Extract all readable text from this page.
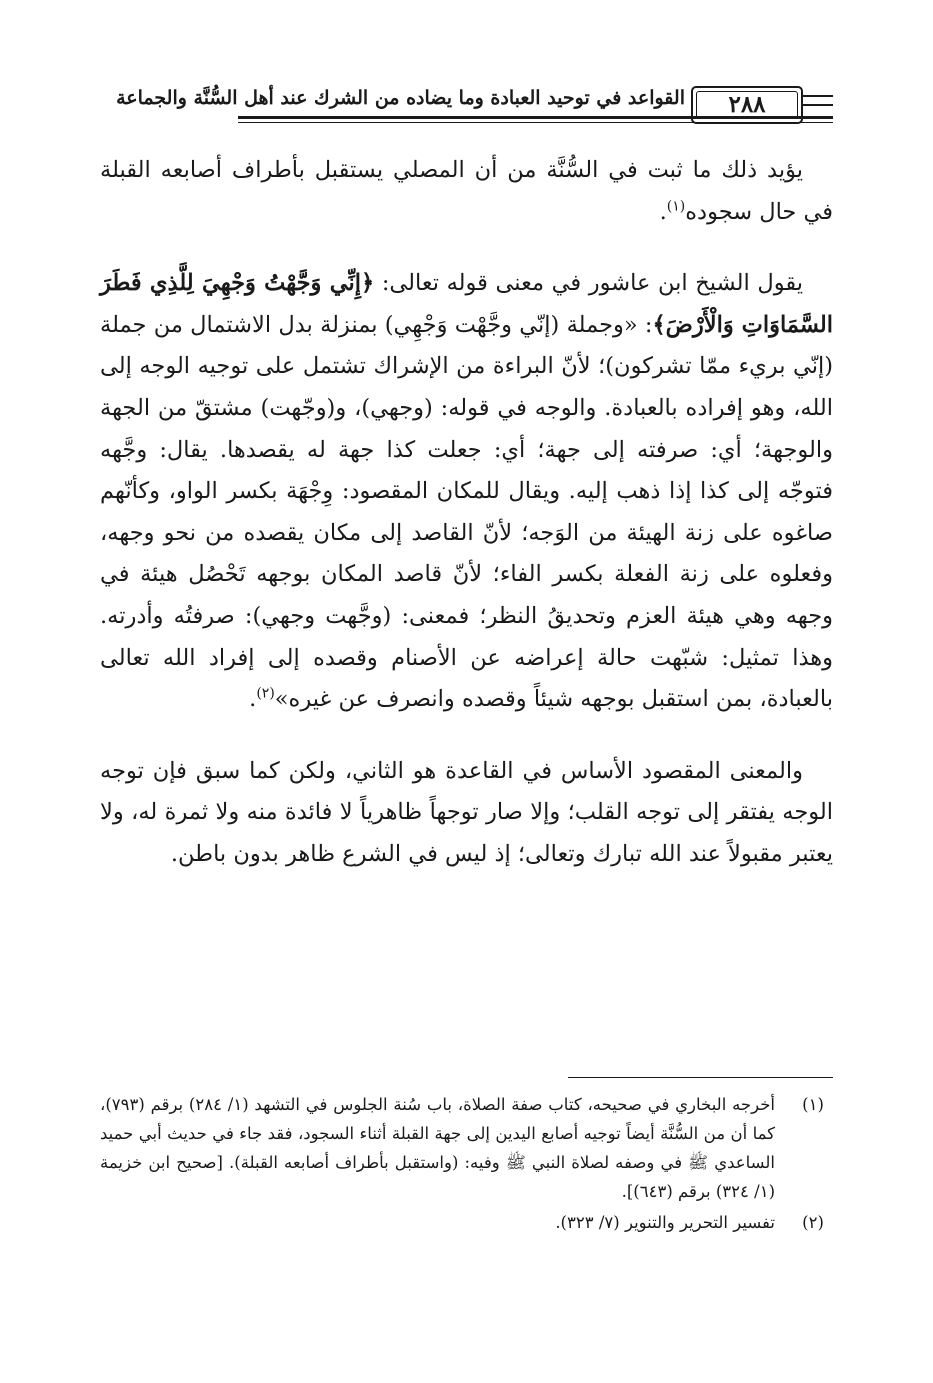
القواعد في توحيد العبادة وما يضاده من الشرك عند أهل السُّنَّة والجماعة	٢٨٨

يؤيد ذلك ما ثبت في السُّنَّة من أن المصلي يستقبل بأطراف أصابعه القبلة في حال سجوده$^{(١)}$.

يقول الشيخ ابن عاشور في معنى قوله تعالى: ﴿إِنِّي وَجَّهْتُ وَجْهِيَ لِلَّذِي فَطَرَ السَّمَاوَاتِ وَالْأَرْضَ﴾: «وجملة (إنّي وجَّهْت وَجْهِي) بمنزلة بدل الاشتمال من جملة (إنّي بريء ممّا تشركون)؛ لأنّ البراءة من الإشراك تشتمل على توجيه الوجه إلى الله، وهو إفراده بالعبادة. والوجه في قوله: (وجهي)، و(وجّهت) مشتقّ من الجهة والوجهة؛ أي: صرفته إلى جهة؛ أي: جعلت كذا جهة له يقصدها. يقال: وجَّهه فتوجّه إلى كذا إذا ذهب إليه. ويقال للمكان المقصود: وِجْهَة بكسر الواو، وكأنّهم صاغوه على زنة الهيئة من الوَجه؛ لأنّ القاصد إلى مكان يقصده من نحو وجهه، وفعلوه على زنة الفعلة بكسر الفاء؛ لأنّ قاصد المكان بوجهه تَحْصُل هيئة في وجهه وهي هيئة العزم وتحديقُ النظر؛ فمعنى: (وجَّهت وجهي): صرفتُه وأدرته. وهذا تمثيل: شبّهت حالة إعراضه عن الأصنام وقصده إلى إفراد الله تعالى بالعبادة، بمن استقبل بوجهه شيئاً وقصده وانصرف عن غيره»$^{(٢)}$.

والمعنى المقصود الأساس في القاعدة هو الثاني، ولكن كما سبق فإن توجه الوجه يفتقر إلى توجه القلب؛ وإلا صار توجهاً ظاهرياً لا فائدة منه ولا ثمرة له، ولا يعتبر مقبولاً عند الله تبارك وتعالى؛ إذ ليس في الشرع ظاهر بدون باطن.

(١)
أخرجه البخاري في صحيحه، كتاب صفة الصلاة، باب سُنة الجلوس في التشهد (١/ ٢٨٤) برقم (٧٩٣)، كما أن من السُّنَّة أيضاً توجيه أصابع اليدين إلى جهة القبلة أثناء السجود، فقد جاء في حديث أبي حميد الساعدي ﷺ في وصفه لصلاة النبي ﷺ وفيه: (واستقبل بأطراف أصابعه القبلة). [صحيح ابن خزيمة (١/ ٣٢٤) برقم (٦٤٣)].
(٢)
تفسير التحرير والتنوير (٧/ ٣٢٣).
